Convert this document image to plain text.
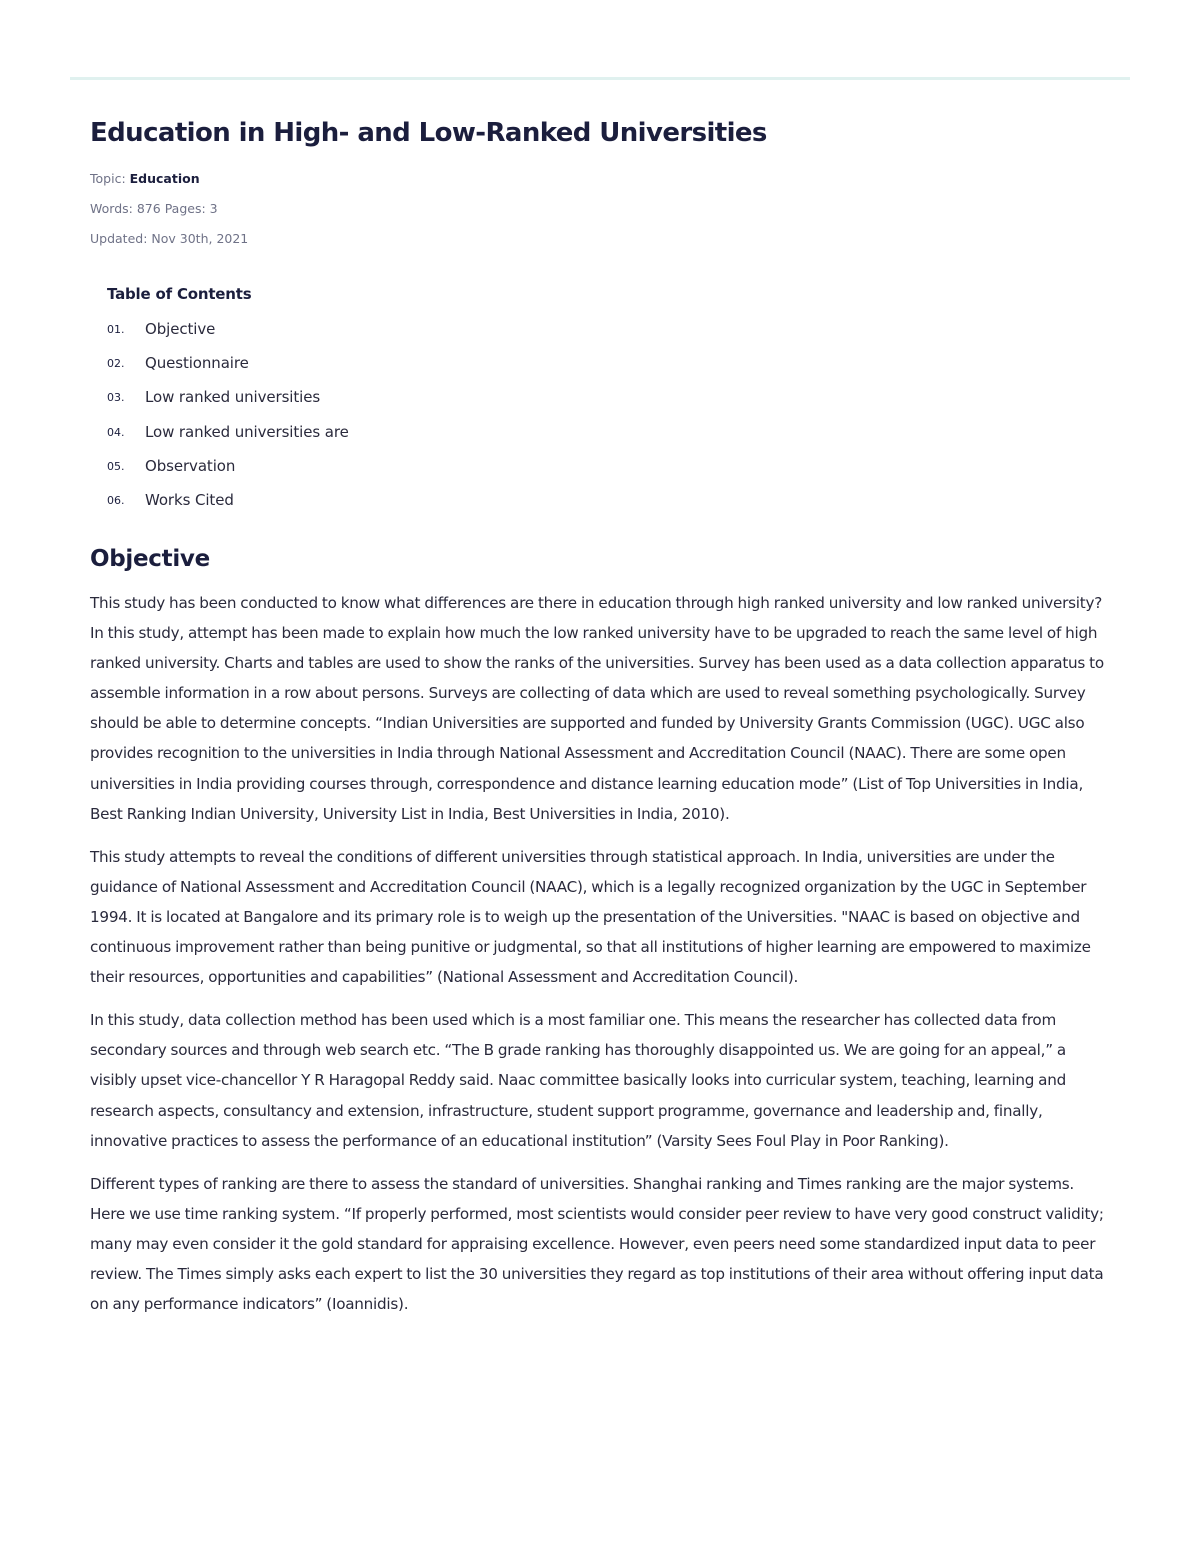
Education in High- and Low-Ranked Universities
Topic: Education
Words: 876 Pages: 3
Updated: Nov 30th, 2021
Table of Contents
01.	Objective
02.	Questionnaire
03.	Low ranked universities
04.	Low ranked universities are
05.	Observation
06.	Works Cited
Objective

This study has been conducted to know what differences are there in education through high ranked university and low ranked university? In this study, attempt has been made to explain how much the low ranked university have to be upgraded to reach the same level of high ranked university. Charts and tables are used to show the ranks of the universities. Survey has been used as a data collection apparatus to assemble information in a row about persons. Surveys are collecting of data which are used to reveal something psychologically. Survey should be able to determine concepts. “Indian Universities are supported and funded by University Grants Commission (UGC). UGC also provides recognition to the universities in India through National Assessment and Accreditation Council (NAAC). There are some open universities in India providing courses through, correspondence and distance learning education mode” (List of Top Universities in India, Best Ranking Indian University, University List in India, Best Universities in India, 2010).

This study attempts to reveal the conditions of different universities through statistical approach. In India, universities are under the guidance of National Assessment and Accreditation Council (NAAC), which is a legally recognized organization by the UGC in September 1994. It is located at Bangalore and its primary role is to weigh up the presentation of the Universities. "NAAC is based on objective and continuous improvement rather than being punitive or judgmental, so that all institutions of higher learning are empowered to maximize their resources, opportunities and capabilities” (National Assessment and Accreditation Council).

In this study, data collection method has been used which is a most familiar one. This means the researcher has collected data from secondary sources and through web search etc. “The B grade ranking has thoroughly disappointed us. We are going for an appeal,” a visibly upset vice-chancellor Y R Haragopal Reddy said. Naac committee basically looks into curricular system, teaching, learning and research aspects, consultancy and extension, infrastructure, student support programme, governance and leadership and, finally, innovative practices to assess the performance of an educational institution” (Varsity Sees Foul Play in Poor Ranking).

Different types of ranking are there to assess the standard of universities. Shanghai ranking and Times ranking are the major systems. Here we use time ranking system. “If properly performed, most scientists would consider peer review to have very good construct validity; many may even consider it the gold standard for appraising excellence. However, even peers need some standardized input data to peer review. The Times simply asks each expert to list the 30 universities they regard as top institutions of their area without offering input data on any performance indicators” (Ioannidis).
